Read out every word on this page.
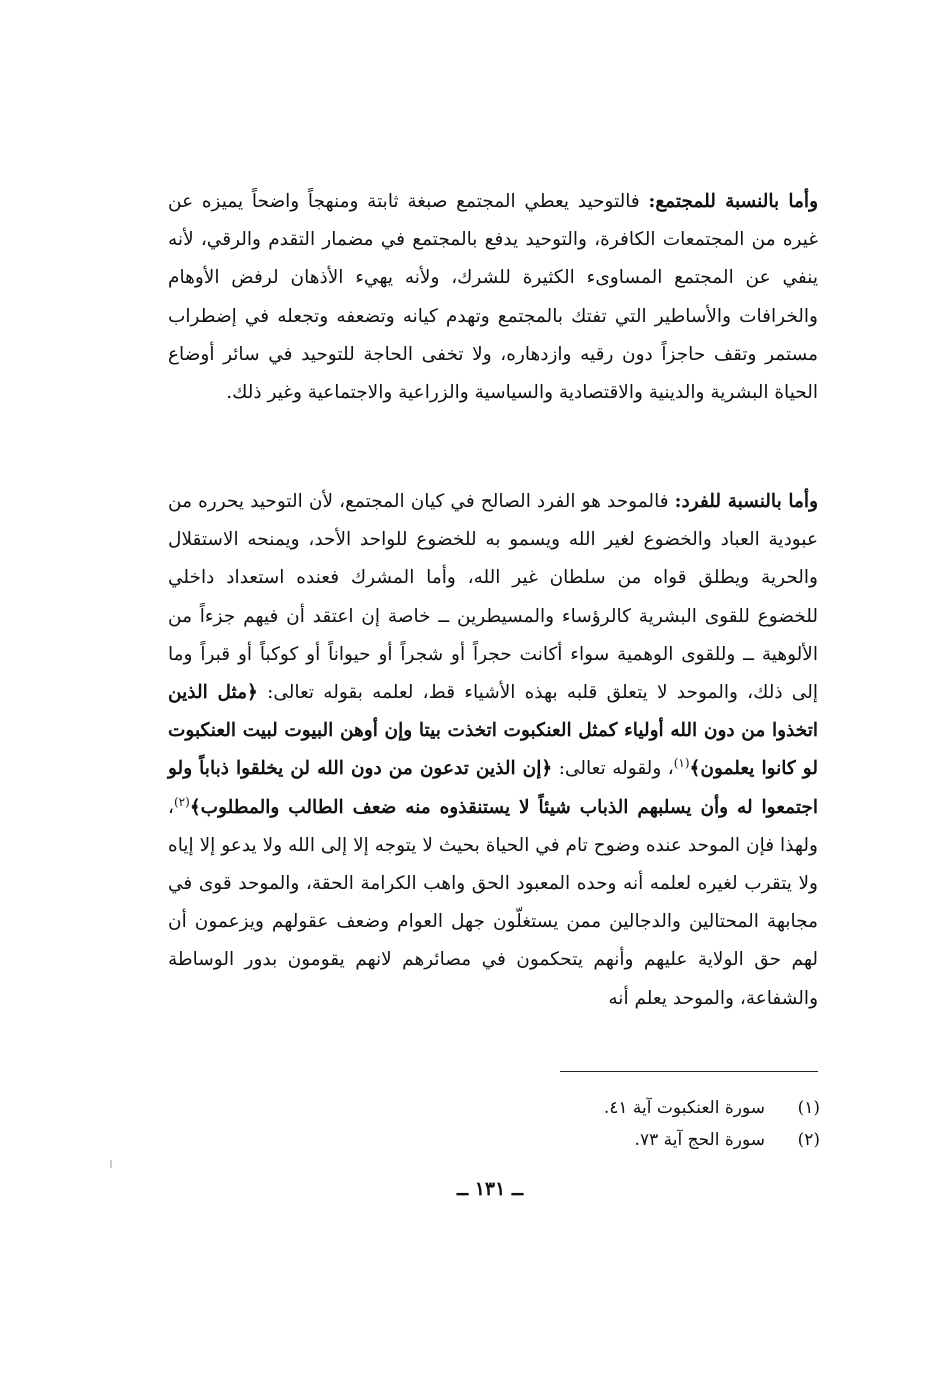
وأما بالنسبة للمجتمع: فالتوحيد يعطي المجتمع صبغة ثابتة ومنهجاً واضحاً يميزه عن غيره من المجتمعات الكافرة، والتوحيد يدفع بالمجتمع في مضمار التقدم والرقي، لأنه ينفي عن المجتمع المساوىء الكثيرة للشرك، ولأنه يهيء الأذهان لرفض الأوهام والخرافات والأساطير التي تفتك بالمجتمع وتهدم كيانه وتضعفه وتجعله في إضطراب مستمر وتقف حاجزاً دون رقيه وازدهاره، ولا تخفى الحاجة للتوحيد في سائر أوضاع الحياة البشرية والدينية والاقتصادية والسياسية والزراعية والاجتماعية وغير ذلك.

وأما بالنسبة للفرد: فالموحد هو الفرد الصالح في كيان المجتمع، لأن التوحيد يحرره من عبودية العباد والخضوع لغير الله ويسمو به للخضوع للواحد الأحد، ويمنحه الاستقلال والحرية ويطلق قواه من سلطان غير الله، وأما المشرك فعنده استعداد داخلي للخضوع للقوى البشرية كالرؤساء والمسيطرين ــ خاصة إن اعتقد أن فيهم جزءاً من الألوهية ــ وللقوى الوهمية سواء أكانت حجراً أو شجراً أو حيواناً أو كوكباً أو قبراً وما إلى ذلك، والموحد لا يتعلق قلبه بهذه الأشياء قط، لعلمه بقوله تعالى: ﴿مثل الذين اتخذوا من دون الله أولياء كمثل العنكبوت اتخذت بيتا وإن أوهن البيوت لبيت العنكبوت لو كانوا يعلمون﴾$^{(١)}$، ولقوله تعالى: ﴿إن الذين تدعون من دون الله لن يخلقوا ذباباً ولو اجتمعوا له وأن يسلبهم الذباب شيئاً لا يستنقذوه منه ضعف الطالب والمطلوب﴾$^{(٢)}$، ولهذا فإن الموحد عنده وضوح تام في الحياة بحيث لا يتوجه إلا إلى الله ولا يدعو إلا إياه ولا يتقرب لغيره لعلمه أنه وحده المعبود الحق واهب الكرامة الحقة، والموحد قوى في مجابهة المحتالين والدجالين ممن يستغلّون جهل العوام وضعف عقولهم ويزعمون أن لهم حق الولاية عليهم وأنهم يتحكمون في مصائرهم لانهم يقومون بدور الوساطة والشفاعة، والموحد يعلم أنه

(١)
سورة العنكبوت آية ٤١.
(٢)
سورة الحج آية ٧٣.
ــ ١٣١ ــ
